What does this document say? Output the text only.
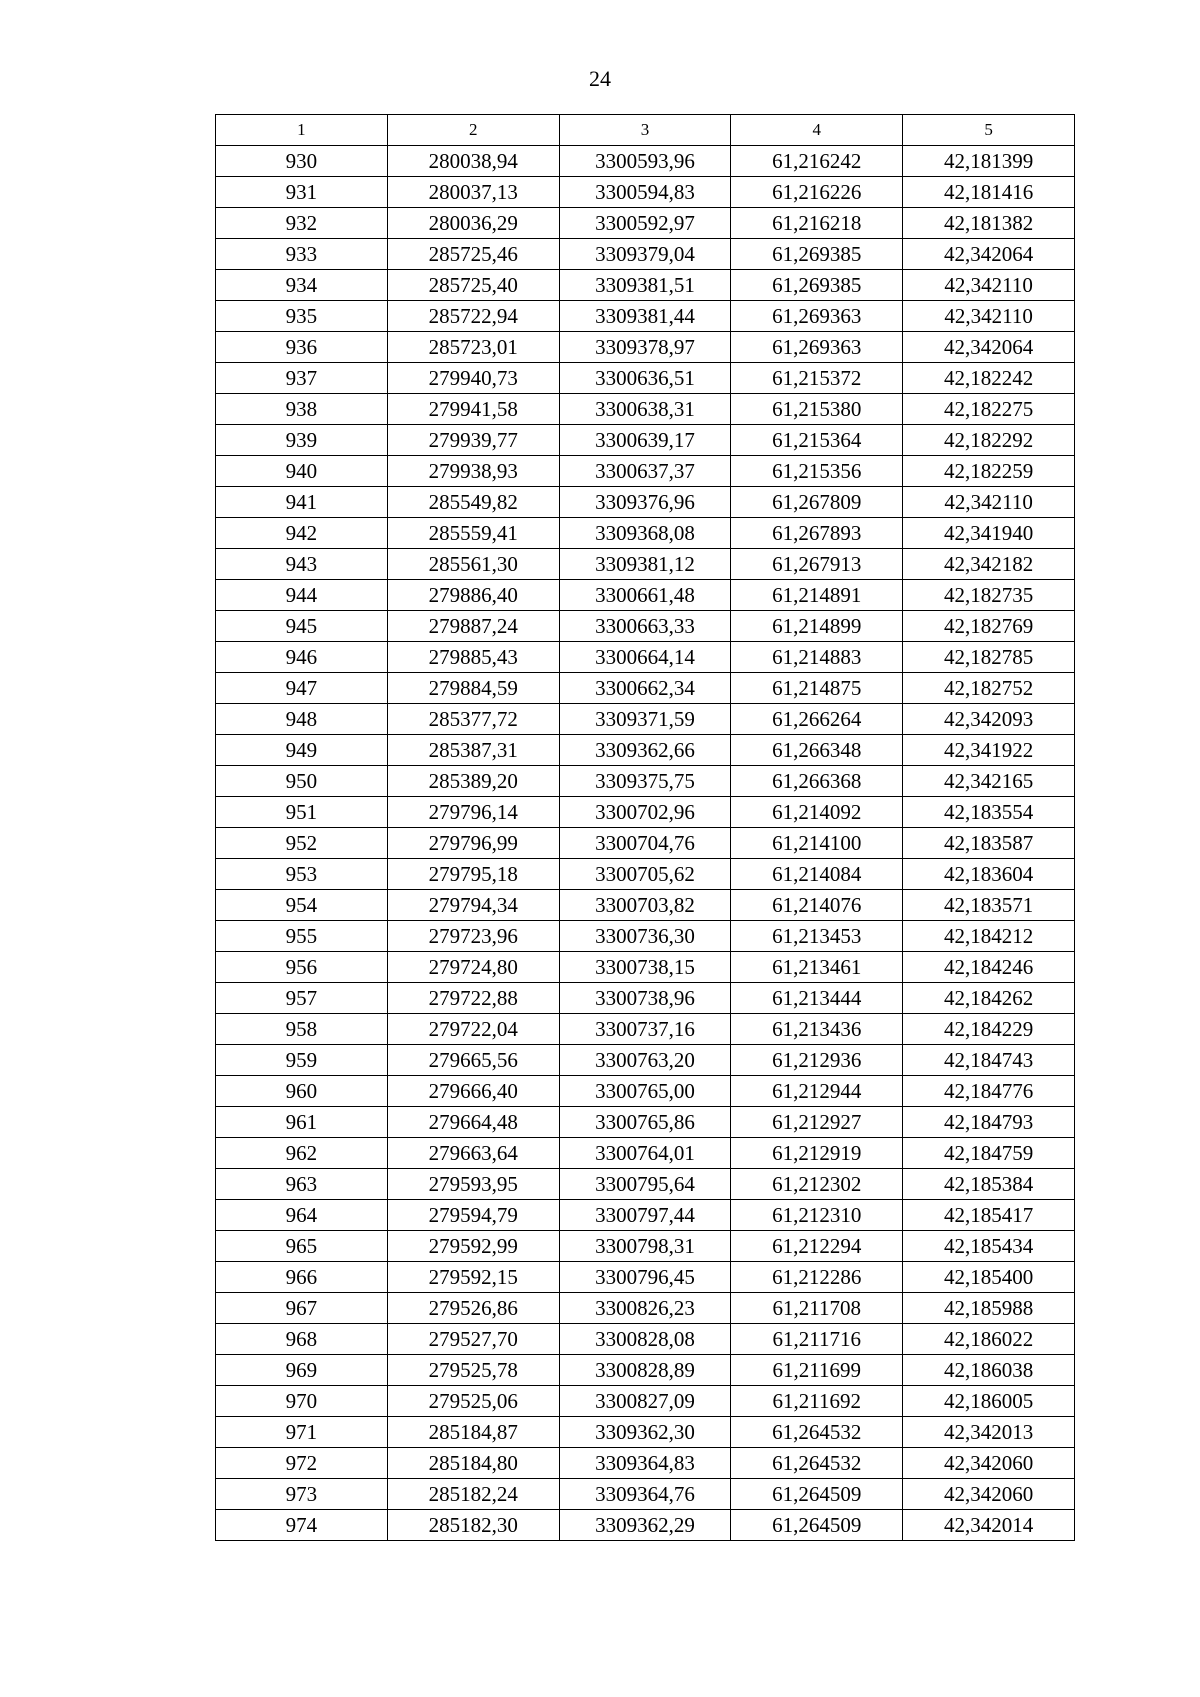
24
1	2	3	4	5
930	280038,94	3300593,96	61,216242	42,181399
931	280037,13	3300594,83	61,216226	42,181416
932	280036,29	3300592,97	61,216218	42,181382
933	285725,46	3309379,04	61,269385	42,342064
934	285725,40	3309381,51	61,269385	42,342110
935	285722,94	3309381,44	61,269363	42,342110
936	285723,01	3309378,97	61,269363	42,342064
937	279940,73	3300636,51	61,215372	42,182242
938	279941,58	3300638,31	61,215380	42,182275
939	279939,77	3300639,17	61,215364	42,182292
940	279938,93	3300637,37	61,215356	42,182259
941	285549,82	3309376,96	61,267809	42,342110
942	285559,41	3309368,08	61,267893	42,341940
943	285561,30	3309381,12	61,267913	42,342182
944	279886,40	3300661,48	61,214891	42,182735
945	279887,24	3300663,33	61,214899	42,182769
946	279885,43	3300664,14	61,214883	42,182785
947	279884,59	3300662,34	61,214875	42,182752
948	285377,72	3309371,59	61,266264	42,342093
949	285387,31	3309362,66	61,266348	42,341922
950	285389,20	3309375,75	61,266368	42,342165
951	279796,14	3300702,96	61,214092	42,183554
952	279796,99	3300704,76	61,214100	42,183587
953	279795,18	3300705,62	61,214084	42,183604
954	279794,34	3300703,82	61,214076	42,183571
955	279723,96	3300736,30	61,213453	42,184212
956	279724,80	3300738,15	61,213461	42,184246
957	279722,88	3300738,96	61,213444	42,184262
958	279722,04	3300737,16	61,213436	42,184229
959	279665,56	3300763,20	61,212936	42,184743
960	279666,40	3300765,00	61,212944	42,184776
961	279664,48	3300765,86	61,212927	42,184793
962	279663,64	3300764,01	61,212919	42,184759
963	279593,95	3300795,64	61,212302	42,185384
964	279594,79	3300797,44	61,212310	42,185417
965	279592,99	3300798,31	61,212294	42,185434
966	279592,15	3300796,45	61,212286	42,185400
967	279526,86	3300826,23	61,211708	42,185988
968	279527,70	3300828,08	61,211716	42,186022
969	279525,78	3300828,89	61,211699	42,186038
970	279525,06	3300827,09	61,211692	42,186005
971	285184,87	3309362,30	61,264532	42,342013
972	285184,80	3309364,83	61,264532	42,342060
973	285182,24	3309364,76	61,264509	42,342060
974	285182,30	3309362,29	61,264509	42,342014
